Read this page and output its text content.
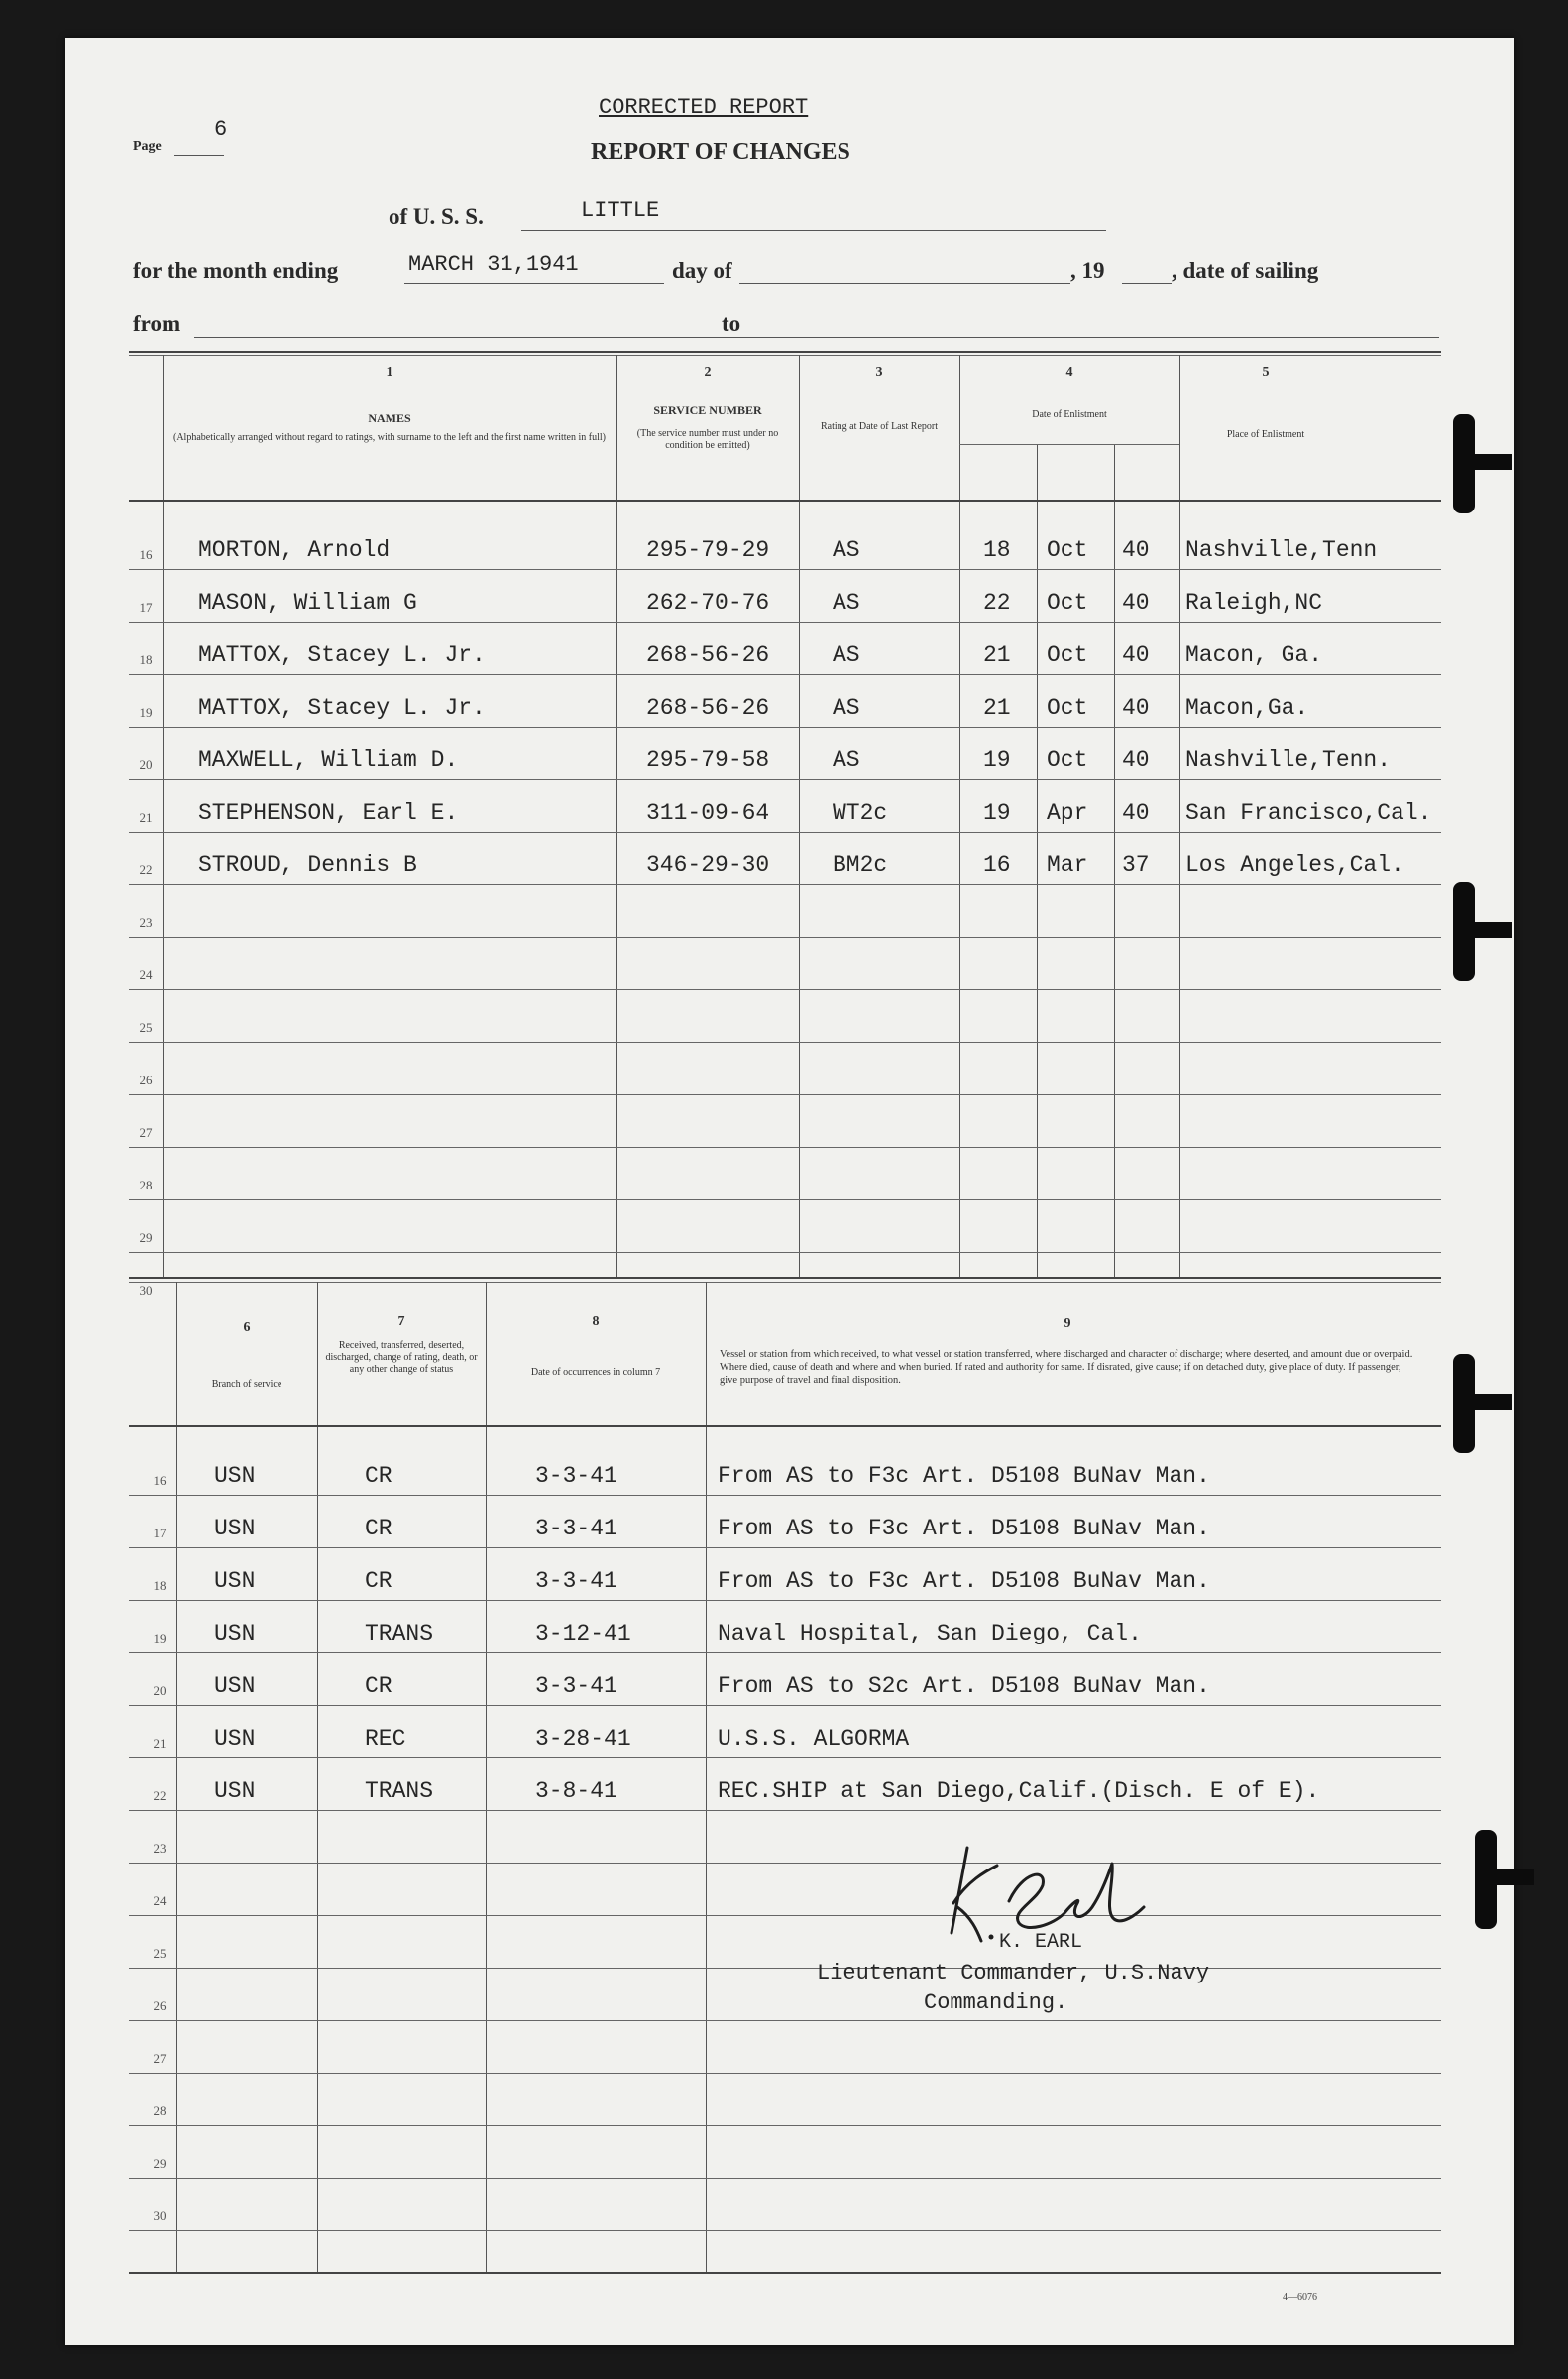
Page
6
CORRECTED REPORT
REPORT OF CHANGES
of U. S. S.	LITTLE
for the month ending	MARCH 31,1941	day of	, 19	, date of sailing
from	to
1	2	3	4	5
NAMES
(Alphabetically arranged without regard to ratings, with surname to the left and the first name written in full)
SERVICE NUMBER
(The service number must under no condition be emitted)
Rating at Date of Last Report
Date of Enlistment
Place of Enlistment
16
17
18
19
20
21
22
23
24
25
26
27
28
29
30
MORTON, Arnold	295-79-29	AS	18 Oct 40 Nashville,Tenn
MASON, William G	262-70-76	AS	22 Oct 40 Raleigh,NC
MATTOX, Stacey L. Jr.	268-56-26	AS	21 Oct 40 Macon, Ga.
MATTOX, Stacey L. Jr.	268-56-26	AS	21 Oct 40 Macon,Ga.
MAXWELL, William D.	295-79-58	AS	19 Oct 40 Nashville,Tenn.
STEPHENSON, Earl E.	311-09-64	WT2c	19 Apr 40 San Francisco,Cal.
STROUD, Dennis B	346-29-30	BM2c	16 Mar 37 Los Angeles,Cal.
6	7	8	9
Branch of service
Received, transferred, deserted, discharged, change of rating, death, or any other change of status	Date of occurrences in column 7
Vessel or station from which received, to what vessel or station transferred, where discharged and character of discharge; where deserted, and amount due or overpaid. Where died, cause of death and where and when buried. If rated and authority for same. If disrated, give cause; if on detached duty, give place of duty. If passenger, give purpose of travel and final disposition.
16
17
18
19
20
21
22
23
24
25
26
27
28
29
30
USN	CR	3-3-41	From AS to F3c Art. D5108 BuNav Man.
USN	CR	3-3-41	From AS to F3c Art. D5108 BuNav Man.
USN	CR	3-3-41	From AS to F3c Art. D5108 BuNav Man.
USN	TRANS	3-12-41	Naval Hospital, San Diego, Cal.
USN	CR	3-3-41	From AS to S2c Art. D5108 BuNav Man.
USN	REC	3-28-41	U.S.S. ALGORMA
USN	TRANS	3-8-41	REC.SHIP at San Diego,Calif.(Disch. E of E).
K. EARL
Lieutenant Commander, U.S.Navy
Commanding.
4—6076
